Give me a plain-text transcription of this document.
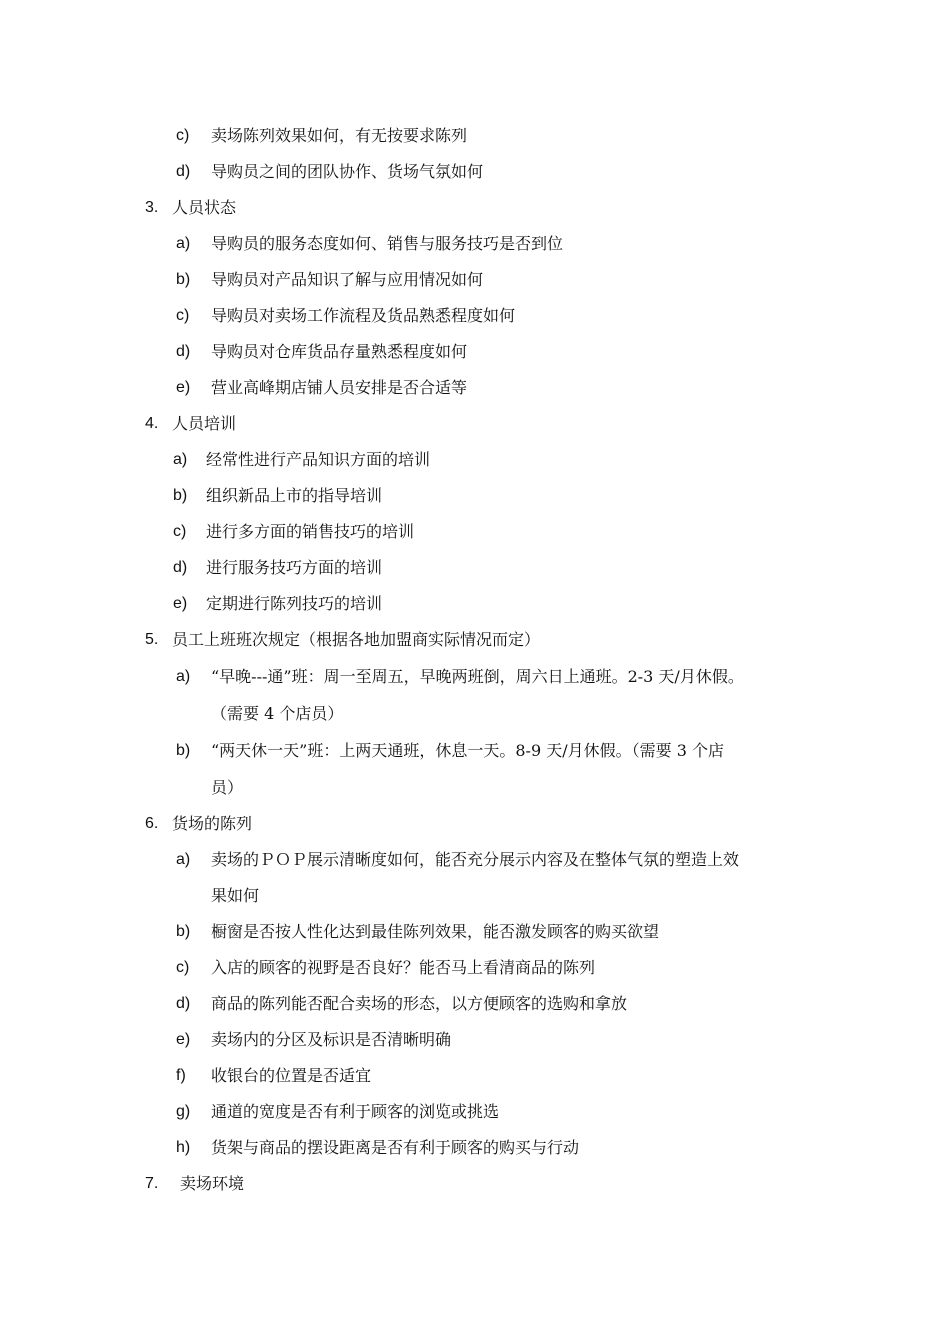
c) 卖场陈列效果如何，有无按要求陈列
d) 导购员之间的团队协作、货场气氛如何
3. 人员状态
a) 导购员的服务态度如何、销售与服务技巧是否到位
b) 导购员对产品知识了解与应用情况如何
c) 导购员对卖场工作流程及货品熟悉程度如何
d) 导购员对仓库货品存量熟悉程度如何
e) 营业高峰期店铺人员安排是否合适等
4. 人员培训
a) 经常性进行产品知识方面的培训
b) 组织新品上市的指导培训
c) 进行多方面的销售技巧的培训
d) 进行服务技巧方面的培训
e) 定期进行陈列技巧的培训
5. 员工上班班次规定（根据各地加盟商实际情况而定）
a) “早晚---通”班：周一至周五，早晚两班倒，周六日上通班。2-3 天/月休假。
（需要 4 个店员）
b) “两天休一天”班：上两天通班，休息一天。8-9 天/月休假。（需要 3 个店
员）
6. 货场的陈列
a) 卖场的ＰＯＰ展示清晰度如何，能否充分展示内容及在整体气氛的塑造上效
果如何
b) 橱窗是否按人性化达到最佳陈列效果，能否激发顾客的购买欲望
c) 入店的顾客的视野是否良好？能否马上看清商品的陈列
d) 商品的陈列能否配合卖场的形态，以方便顾客的选购和拿放
e) 卖场内的分区及标识是否清晰明确
f) 收银台的位置是否适宜
g) 通道的宽度是否有利于顾客的浏览或挑选
h) 货架与商品的摆设距离是否有利于顾客的购买与行动
7. 卖场环境
